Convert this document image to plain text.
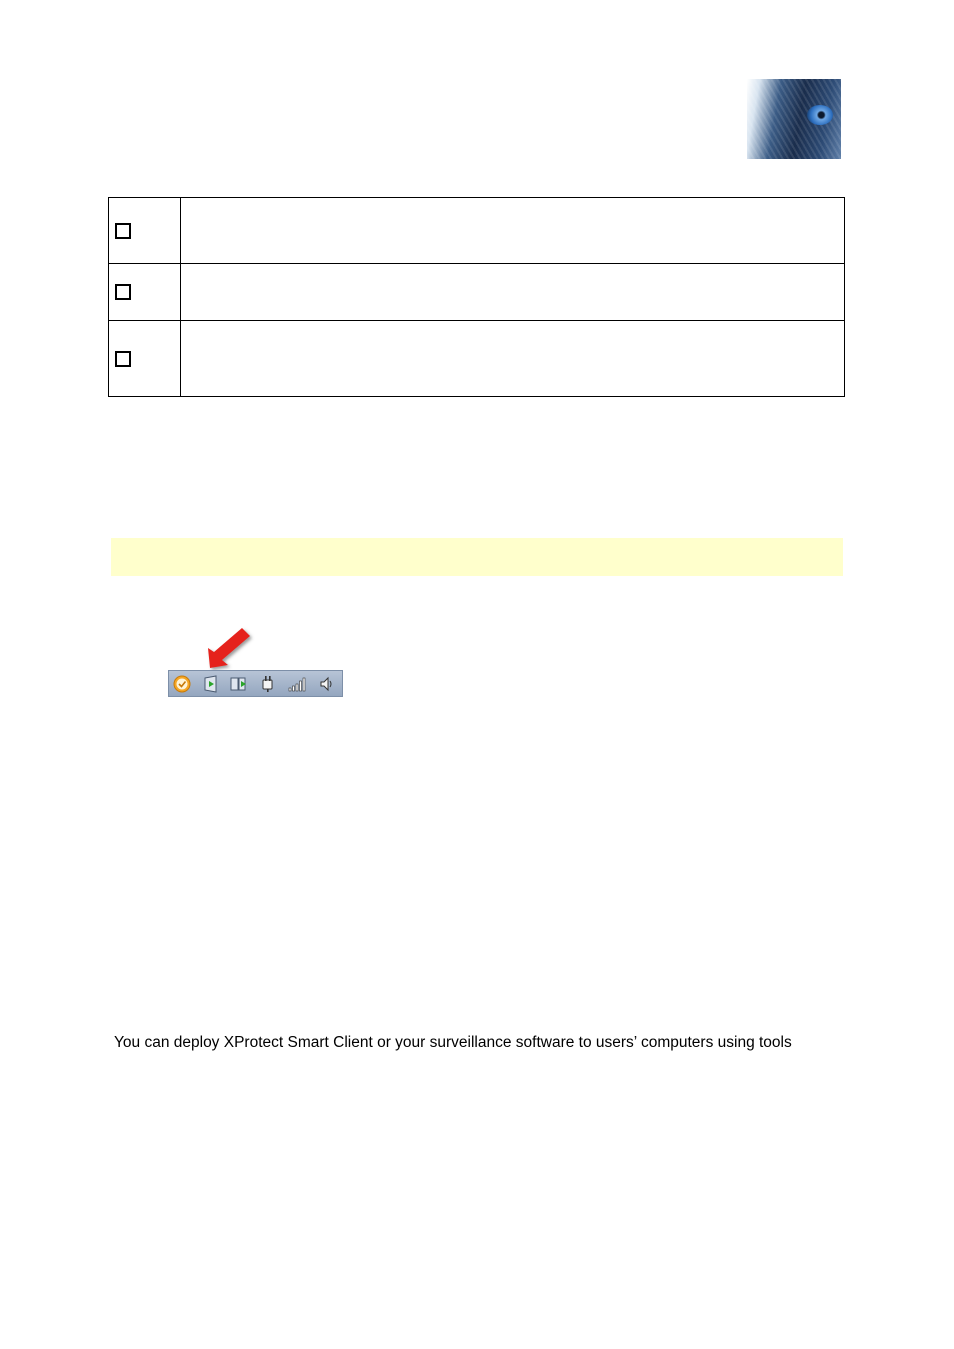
You can deploy XProtect Smart Client or your surveillance software to users’ computers using tools
